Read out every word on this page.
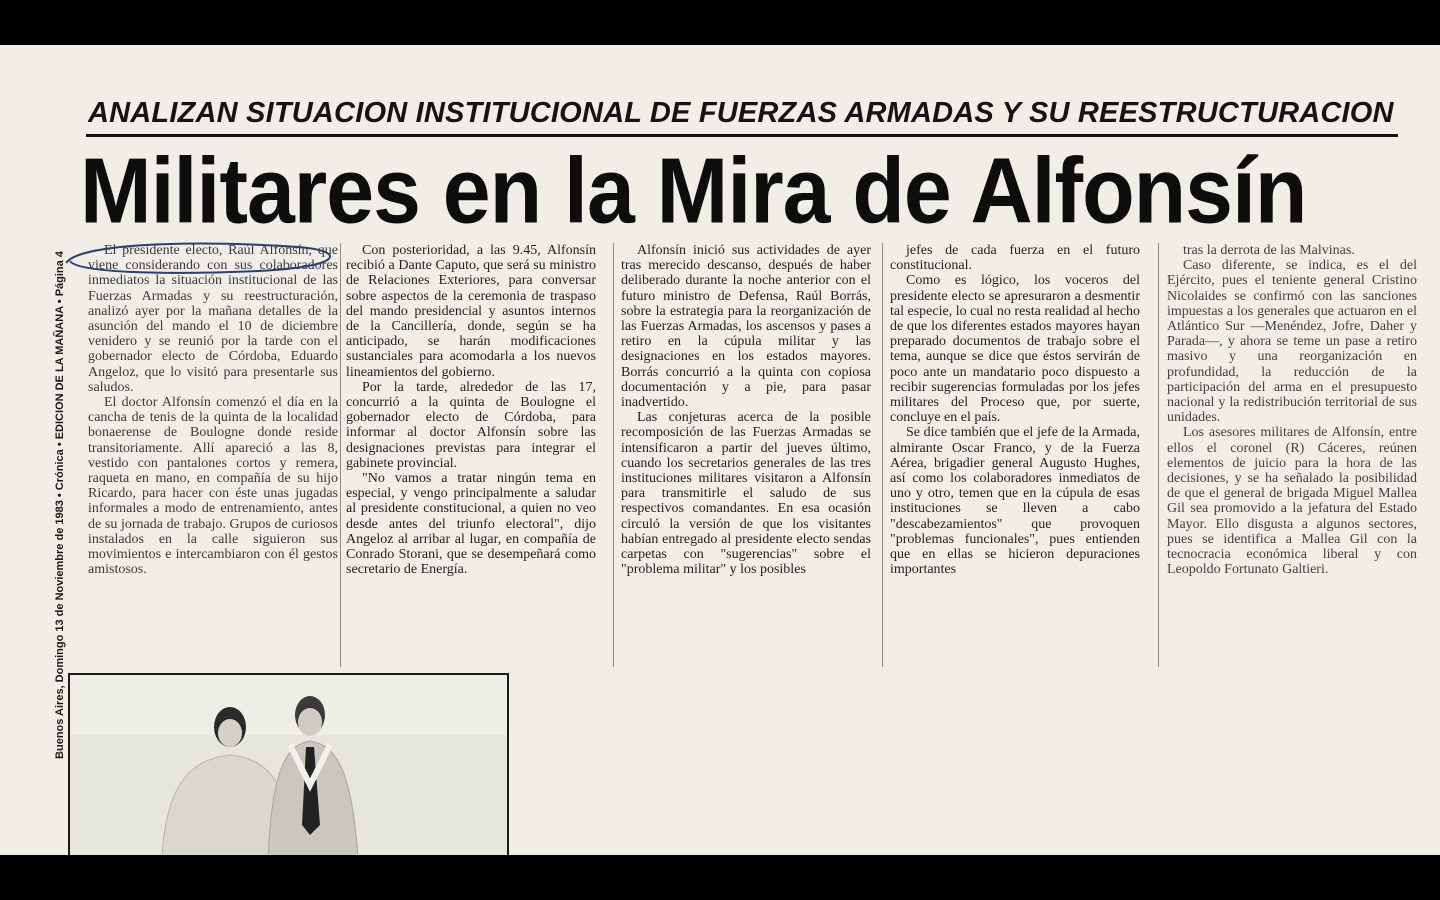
Buenos Aires, Domingo 13 de Noviembre de 1983 • Crónica • EDICION DE LA MAÑANA • Página 4
ANALIZAN SITUACION INSTITUCIONAL DE FUERZAS ARMADAS Y SU REESTRUCTURACION
Militares en la Mira de Alfonsín

El presidente electo, Raúl Alfonsín, que viene considerando con sus colaboradores inmediatos la situación institucional de las Fuerzas Armadas y su reestructuración, analizó ayer por la mañana detalles de la asunción del mando el 10 de diciembre venidero y se reunió por la tarde con el gobernador electo de Córdoba, Eduardo Angeloz, que lo visitó para presentarle sus saludos.

El doctor Alfonsín comenzó el día en la cancha de tenis de la quinta de la localidad bonaerense de Boulogne donde reside transitoriamente. Allí apareció a las 8, vestido con pantalones cortos y remera, raqueta en mano, en compañía de su hijo Ricardo, para hacer con éste unas jugadas informales a modo de entrenamiento, antes de su jornada de trabajo. Grupos de curiosos instalados en la calle siguieron sus movimientos e intercambiaron con él gestos amistosos.

Con posterioridad, a las 9.45, Alfonsín recibió a Dante Caputo, que será su ministro de Relaciones Exteriores, para conversar sobre aspectos de la ceremonia de traspaso del mando presidencial y asuntos internos de la Cancillería, donde, según se ha anticipado, se harán modificaciones sustanciales para acomodarla a los nuevos lineamientos del gobierno.

Por la tarde, alrededor de las 17, concurrió a la quinta de Boulogne el gobernador electo de Córdoba, para informar al doctor Alfonsín sobre las designaciones previstas para integrar el gabinete provincial.

"No vamos a tratar ningún tema en especial, y vengo principalmente a saludar al presidente constitucional, a quien no veo desde antes del triunfo electoral", dijo Angeloz al arribar al lugar, en compañía de Conrado Storani, que se desempeñará como secretario de Energía.

Alfonsín inició sus actividades de ayer tras merecido descanso, después de haber deliberado durante la noche anterior con el futuro ministro de Defensa, Raúl Borrás, sobre la estrategia para la reorganización de las Fuerzas Armadas, los ascensos y pases a retiro en la cúpula militar y las designaciones en los estados mayores. Borrás concurrió a la quinta con copiosa documentación y a pie, para pasar inadvertido.

Las conjeturas acerca de la posible recomposición de las Fuerzas Armadas se intensificaron a partir del jueves último, cuando los secretarios generales de las tres instituciones militares visitaron a Alfonsín para transmitirle el saludo de sus respectivos comandantes. En esa ocasión circuló la versión de que los visitantes habían entregado al presidente electo sendas carpetas con "sugerencias" sobre el "problema militar" y los posibles

jefes de cada fuerza en el futuro constitucional.

Como es lógico, los voceros del presidente electo se apresuraron a desmentir tal especie, lo cual no resta realidad al hecho de que los diferentes estados mayores hayan preparado documentos de trabajo sobre el tema, aunque se dice que éstos servirán de poco ante un mandatario poco dispuesto a recibir sugerencias formuladas por los jefes militares del Proceso que, por suerte, concluye en el país.

Se dice también que el jefe de la Armada, almirante Oscar Franco, y de la Fuerza Aérea, brigadier general Augusto Hughes, así como los colaboradores inmediatos de uno y otro, temen que en la cúpula de esas instituciones se lleven a cabo "descabezamientos" que provoquen "problemas funcionales", pues entienden que en ellas se hicieron depuraciones importantes

tras la derrota de las Malvinas.

Caso diferente, se indica, es el del Ejército, pues el teniente general Cristino Nicolaides se confirmó con las sanciones impuestas a los generales que actuaron en el Atlántico Sur —Menéndez, Jofre, Daher y Parada—, y ahora se teme un pase a retiro masivo y una reorganización en profundidad, la reducción de la participación del arma en el presupuesto nacional y la redistribución territorial de sus unidades.

Los asesores militares de Alfonsín, entre ellos el coronel (R) Cáceres, reúnen elementos de juicio para la hora de las decisiones, y se ha señalado la posibilidad de que el general de brigada Miguel Mallea Gil sea promovido a la jefatura del Estado Mayor. Ello disgusta a algunos sectores, pues se identifica a Mallea Gil con la tecnocracia económica liberal y con Leopoldo Fortunato Galtieri.
